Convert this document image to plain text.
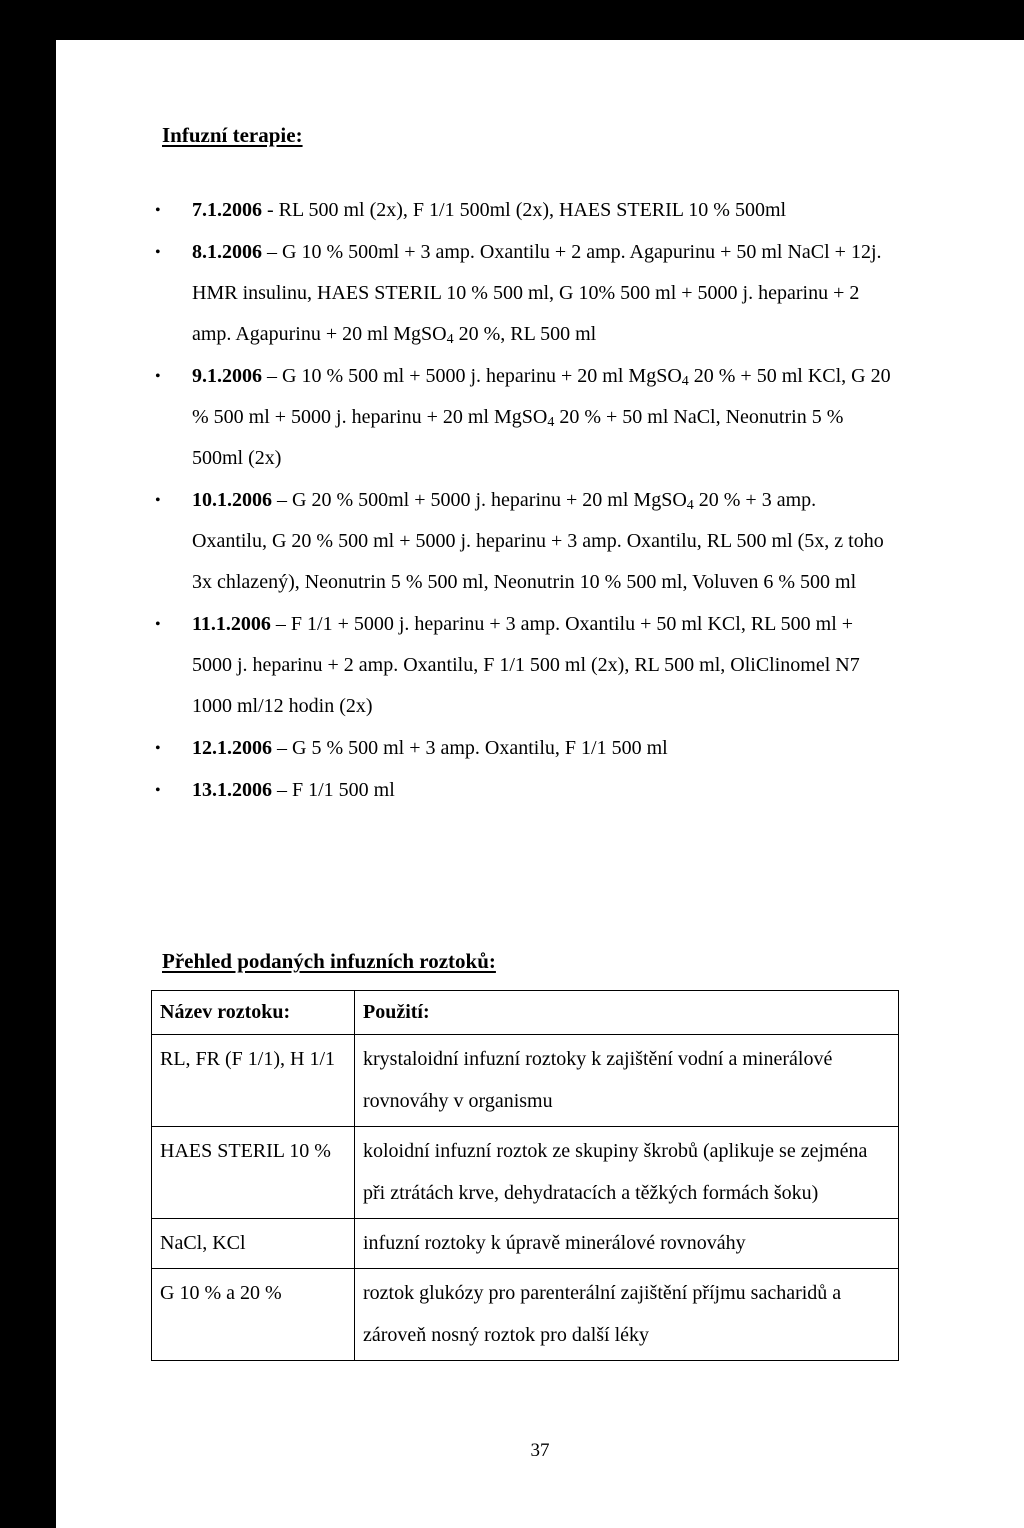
Infuzní terapie:
• 7.1.2006 - RL 500 ml (2x), F 1/1 500ml (2x), HAES STERIL 10 % 500ml
• 8.1.2006 – G 10 % 500ml + 3 amp. Oxantilu + 2 amp. Agapurinu + 50 ml NaCl + 12j. HMR insulinu, HAES STERIL 10 % 500 ml, G 10% 500 ml + 5000 j. heparinu + 2 amp. Agapurinu + 20 ml MgSO$_4$ 20 %, RL 500 ml
• 9.1.2006 – G 10 % 500 ml + 5000 j. heparinu + 20 ml MgSO$_4$ 20 % + 50 ml KCl, G 20 % 500 ml + 5000 j. heparinu + 20 ml MgSO$_4$ 20 % + 50 ml NaCl, Neonutrin 5 % 500ml (2x)
• 10.1.2006 – G 20 % 500ml + 5000 j. heparinu + 20 ml MgSO$_4$ 20 % + 3 amp. Oxantilu, G 20 % 500 ml + 5000 j. heparinu + 3 amp. Oxantilu, RL 500 ml (5x, z toho 3x chlazený), Neonutrin 5 % 500 ml, Neonutrin 10 % 500 ml, Voluven 6 % 500 ml
• 11.1.2006 – F 1/1 + 5000 j. heparinu + 3 amp. Oxantilu + 50 ml KCl, RL 500 ml + 5000 j. heparinu + 2 amp. Oxantilu, F 1/1 500 ml (2x), RL 500 ml, OliClinomel N7 1000 ml/12 hodin (2x)
• 12.1.2006 – G 5 % 500 ml + 3 amp. Oxantilu, F 1/1 500 ml
• 13.1.2006 – F 1/1 500 ml
Přehled podaných infuzních roztoků:
Název roztoku:	Použití:
RL, FR (F 1/1), H 1/1	krystaloidní infuzní roztoky k zajištění vodní a minerálové rovnováhy v organismu
HAES STERIL 10 %	koloidní infuzní roztok ze skupiny škrobů (aplikuje se zejména při ztrátách krve, dehydratacích a těžkých formách šoku)
NaCl, KCl	infuzní roztoky k úpravě minerálové rovnováhy
G 10 % a 20 %	roztok glukózy pro parenterální zajištění příjmu sacharidů a zároveň nosný roztok pro další léky
37
